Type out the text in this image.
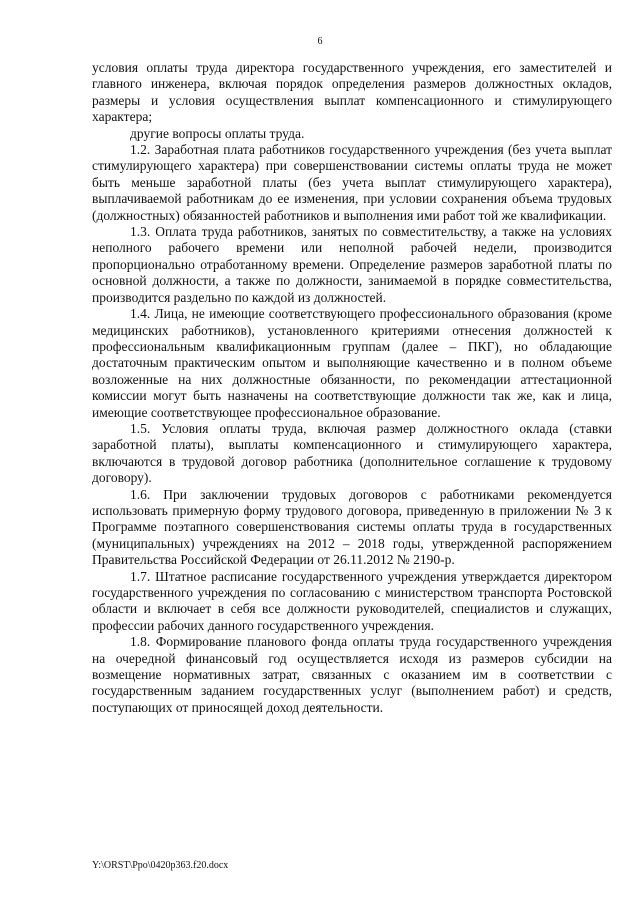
6

условия оплаты труда директора государственного учреждения, его заместителей и главного инженера, включая порядок определения размеров должностных окладов, размеры и условия осуществления выплат компенсационного и стимулирующего характера;

другие вопросы оплаты труда.

1.2. Заработная плата работников государственного учреждения (без учета выплат стимулирующего характера) при совершенствовании системы оплаты труда не может быть меньше заработной платы (без учета выплат стимулирующего характера), выплачиваемой работникам до ее изменения, при условии сохранения объема трудовых (должностных) обязанностей работников и выполнения ими работ той же квалификации.

1.3. Оплата труда работников, занятых по совместительству, а также на условиях неполного рабочего времени или неполной рабочей недели, производится пропорционально отработанному времени. Определение размеров заработной платы по основной должности, а также по должности, занимаемой в порядке совместительства, производится раздельно по каждой из должностей.

1.4. Лица, не имеющие соответствующего профессионального образования (кроме медицинских работников), установленного критериями отнесения должностей к профессиональным квалификационным группам (далее – ПКГ), но обладающие достаточным практическим опытом и выполняющие качественно и в полном объеме возложенные на них должностные обязанности, по рекомендации аттестационной комиссии могут быть назначены на соответствующие должности так же, как и лица, имеющие соответствующее профессиональное образование.

1.5. Условия оплаты труда, включая размер должностного оклада (ставки заработной платы), выплаты компенсационного и стимулирующего характера, включаются в трудовой договор работника (дополнительное соглашение к трудовому договору).

1.6. При заключении трудовых договоров с работниками рекомендуется использовать примерную форму трудового договора, приведенную в приложении № 3 к Программе поэтапного совершенствования системы оплаты труда в государственных (муниципальных) учреждениях на 2012 – 2018 годы, утвержденной распоряжением Правительства Российской Федерации от 26.11.2012 № 2190-р.

1.7. Штатное расписание государственного учреждения утверждается директором государственного учреждения по согласованию с министерством транспорта Ростовской области и включает в себя все должности руководителей, специалистов и служащих, профессии рабочих данного государственного учреждения.

1.8. Формирование планового фонда оплаты труда государственного учреждения на очередной финансовый год осуществляется исходя из размеров субсидии на возмещение нормативных затрат, связанных с оказанием им в соответствии с государственным заданием государственных услуг (выполнением работ) и средств, поступающих от приносящей доход деятельности.

Y:\ORST\Ppo\0420p363.f20.docx
